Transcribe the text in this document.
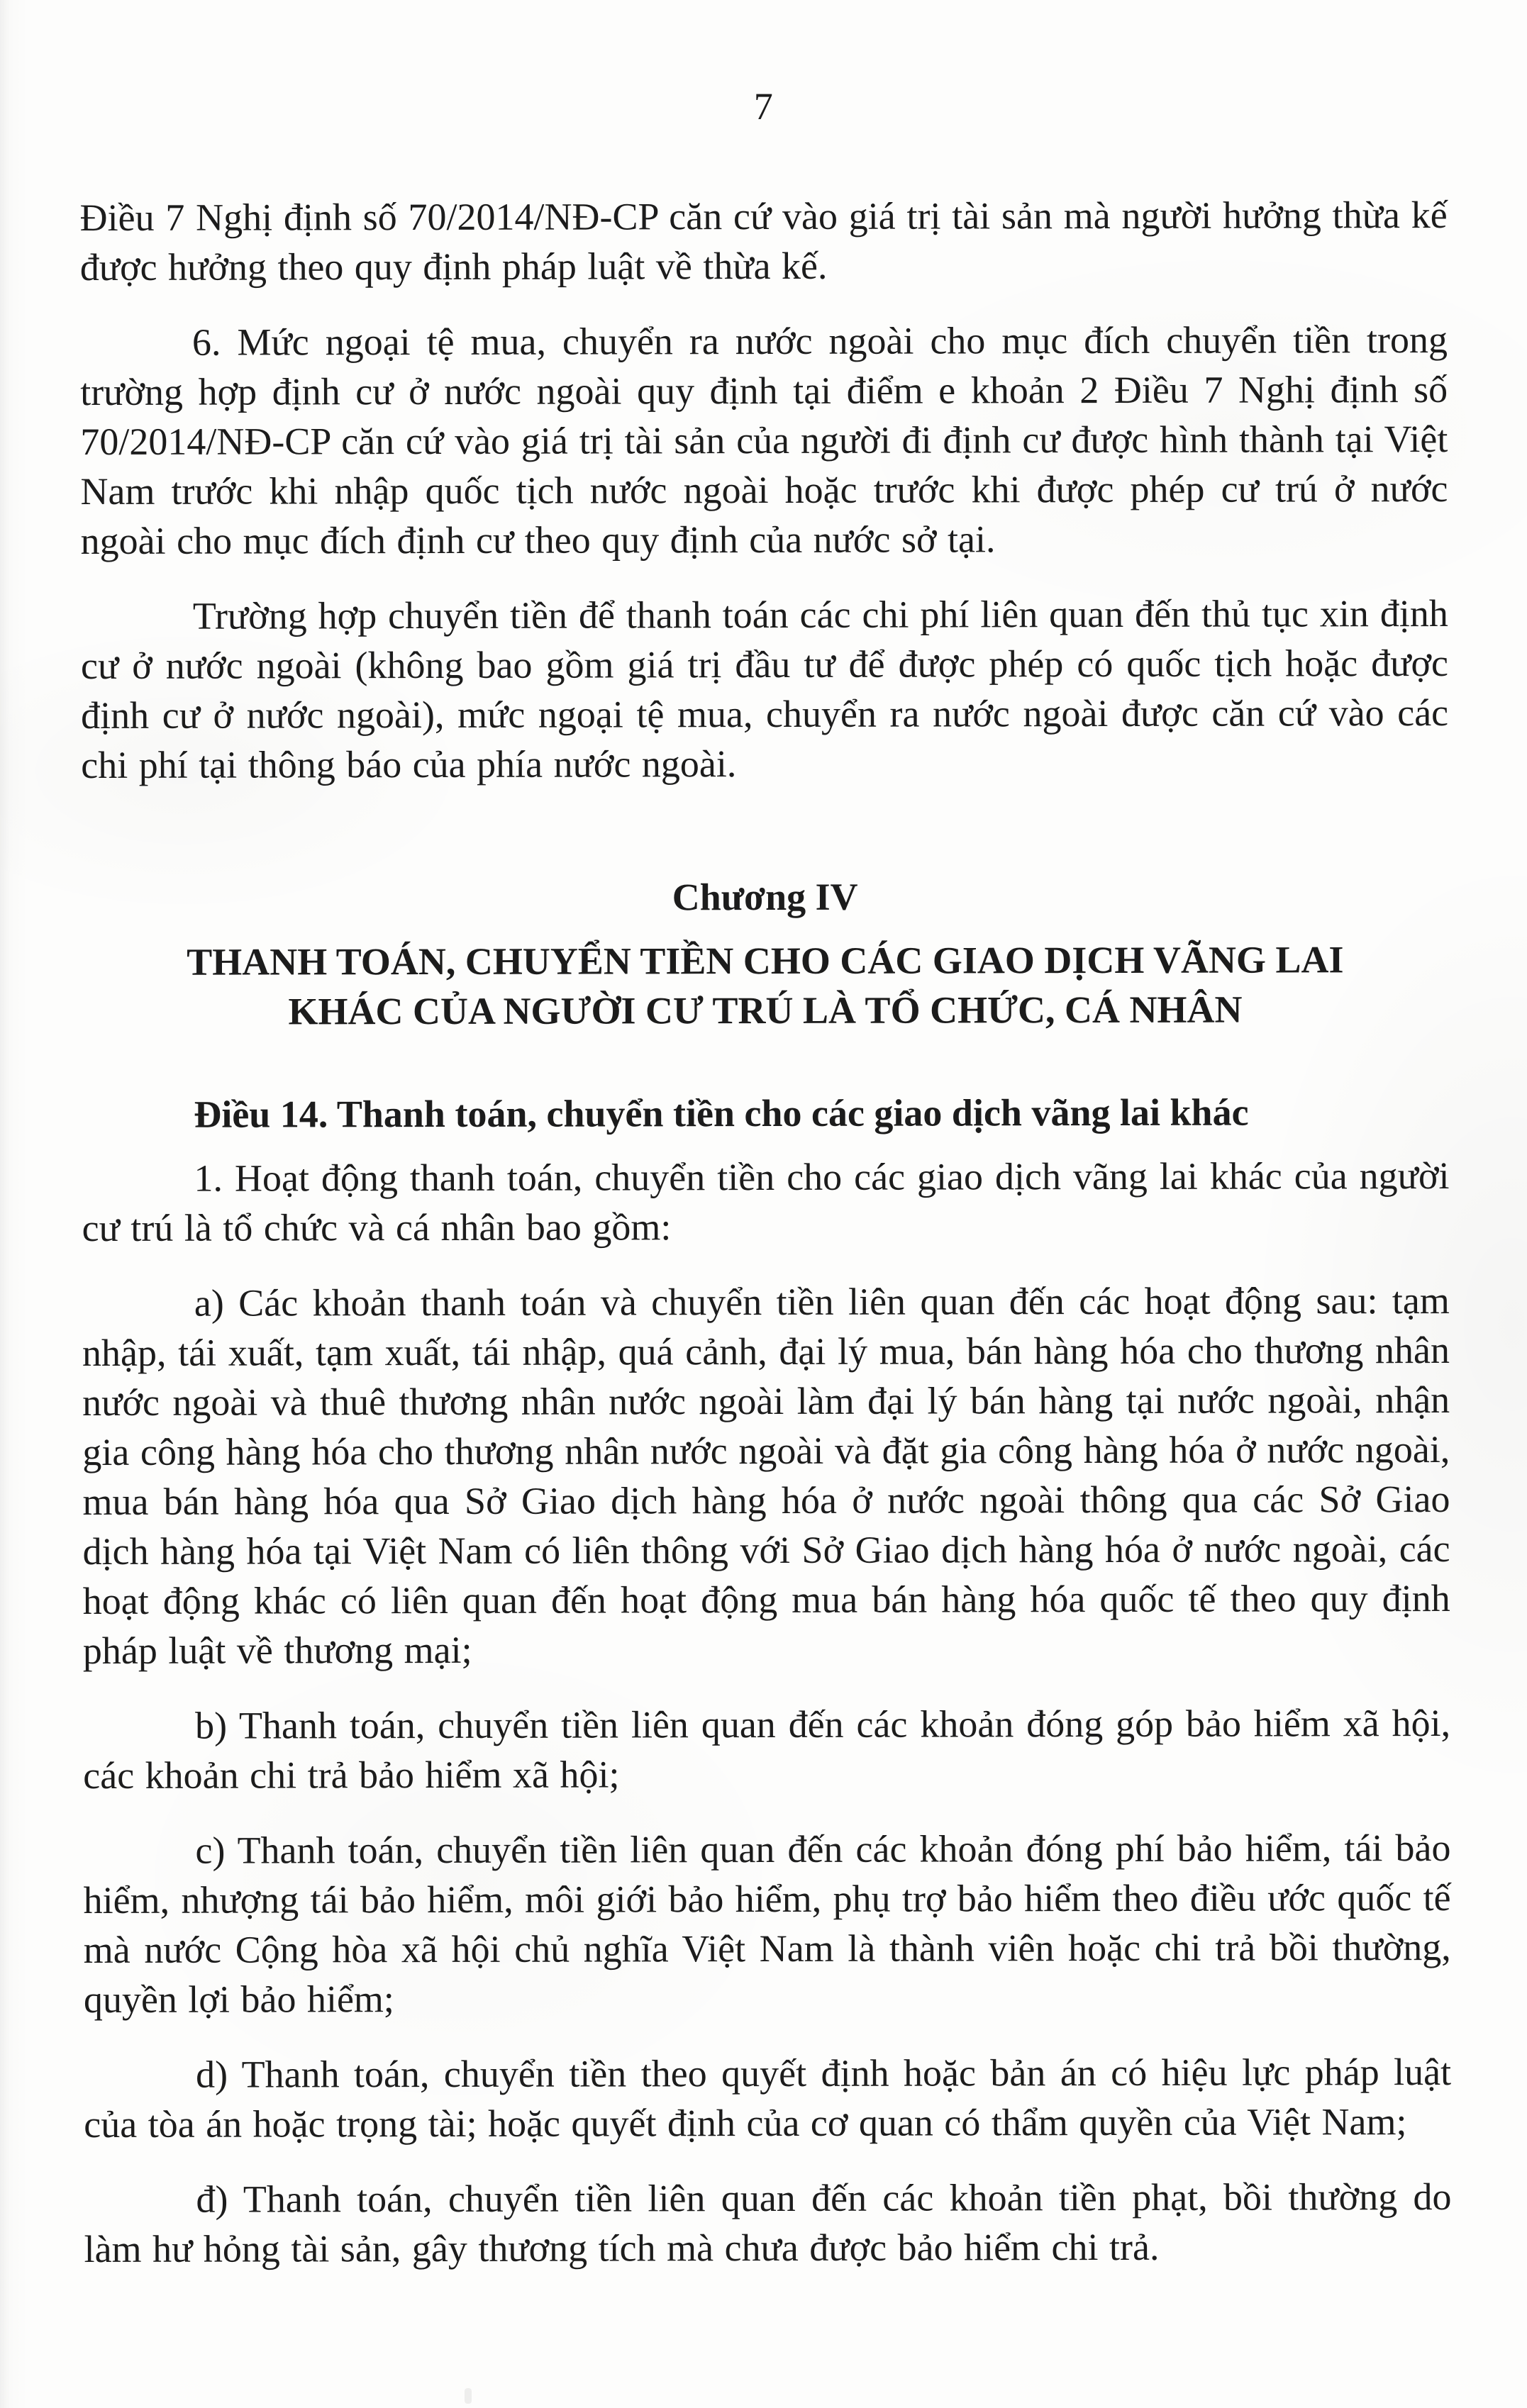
7

Điều 7 Nghị định số 70/2014/NĐ-CP căn cứ vào giá trị tài sản mà người hưởng thừa kế được hưởng theo quy định pháp luật về thừa kế.

6. Mức ngoại tệ mua, chuyển ra nước ngoài cho mục đích chuyển tiền trong trường hợp định cư ở nước ngoài quy định tại điểm e khoản 2 Điều 7 Nghị định số 70/2014/NĐ-CP căn cứ vào giá trị tài sản của người đi định cư được hình thành tại Việt Nam trước khi nhập quốc tịch nước ngoài hoặc trước khi được phép cư trú ở nước ngoài cho mục đích định cư theo quy định của nước sở tại.

Trường hợp chuyển tiền để thanh toán các chi phí liên quan đến thủ tục xin định cư ở nước ngoài (không bao gồm giá trị đầu tư để được phép có quốc tịch hoặc được định cư ở nước ngoài), mức ngoại tệ mua, chuyển ra nước ngoài được căn cứ vào các chi phí tại thông báo của phía nước ngoài.

Chương IV
THANH TOÁN, CHUYỂN TIỀN CHO CÁC GIAO DỊCH VÃNG LAI
KHÁC CỦA NGƯỜI CƯ TRÚ LÀ TỔ CHỨC, CÁ NHÂN
Điều 14. Thanh toán, chuyển tiền cho các giao dịch vãng lai khác

1. Hoạt động thanh toán, chuyển tiền cho các giao dịch vãng lai khác của người cư trú là tổ chức và cá nhân bao gồm:

a) Các khoản thanh toán và chuyển tiền liên quan đến các hoạt động sau: tạm nhập, tái xuất, tạm xuất, tái nhập, quá cảnh, đại lý mua, bán hàng hóa cho thương nhân nước ngoài và thuê thương nhân nước ngoài làm đại lý bán hàng tại nước ngoài, nhận gia công hàng hóa cho thương nhân nước ngoài và đặt gia công hàng hóa ở nước ngoài, mua bán hàng hóa qua Sở Giao dịch hàng hóa ở nước ngoài thông qua các Sở Giao dịch hàng hóa tại Việt Nam có liên thông với Sở Giao dịch hàng hóa ở nước ngoài, các hoạt động khác có liên quan đến hoạt động mua bán hàng hóa quốc tế theo quy định pháp luật về thương mại;

b) Thanh toán, chuyển tiền liên quan đến các khoản đóng góp bảo hiểm xã hội, các khoản chi trả bảo hiểm xã hội;

c) Thanh toán, chuyển tiền liên quan đến các khoản đóng phí bảo hiểm, tái bảo hiểm, nhượng tái bảo hiểm, môi giới bảo hiểm, phụ trợ bảo hiểm theo điều ước quốc tế mà nước Cộng hòa xã hội chủ nghĩa Việt Nam là thành viên hoặc chi trả bồi thường, quyền lợi bảo hiểm;

d) Thanh toán, chuyển tiền theo quyết định hoặc bản án có hiệu lực pháp luật của tòa án hoặc trọng tài; hoặc quyết định của cơ quan có thẩm quyền của Việt Nam;

đ) Thanh toán, chuyển tiền liên quan đến các khoản tiền phạt, bồi thường do làm hư hỏng tài sản, gây thương tích mà chưa được bảo hiểm chi trả.
